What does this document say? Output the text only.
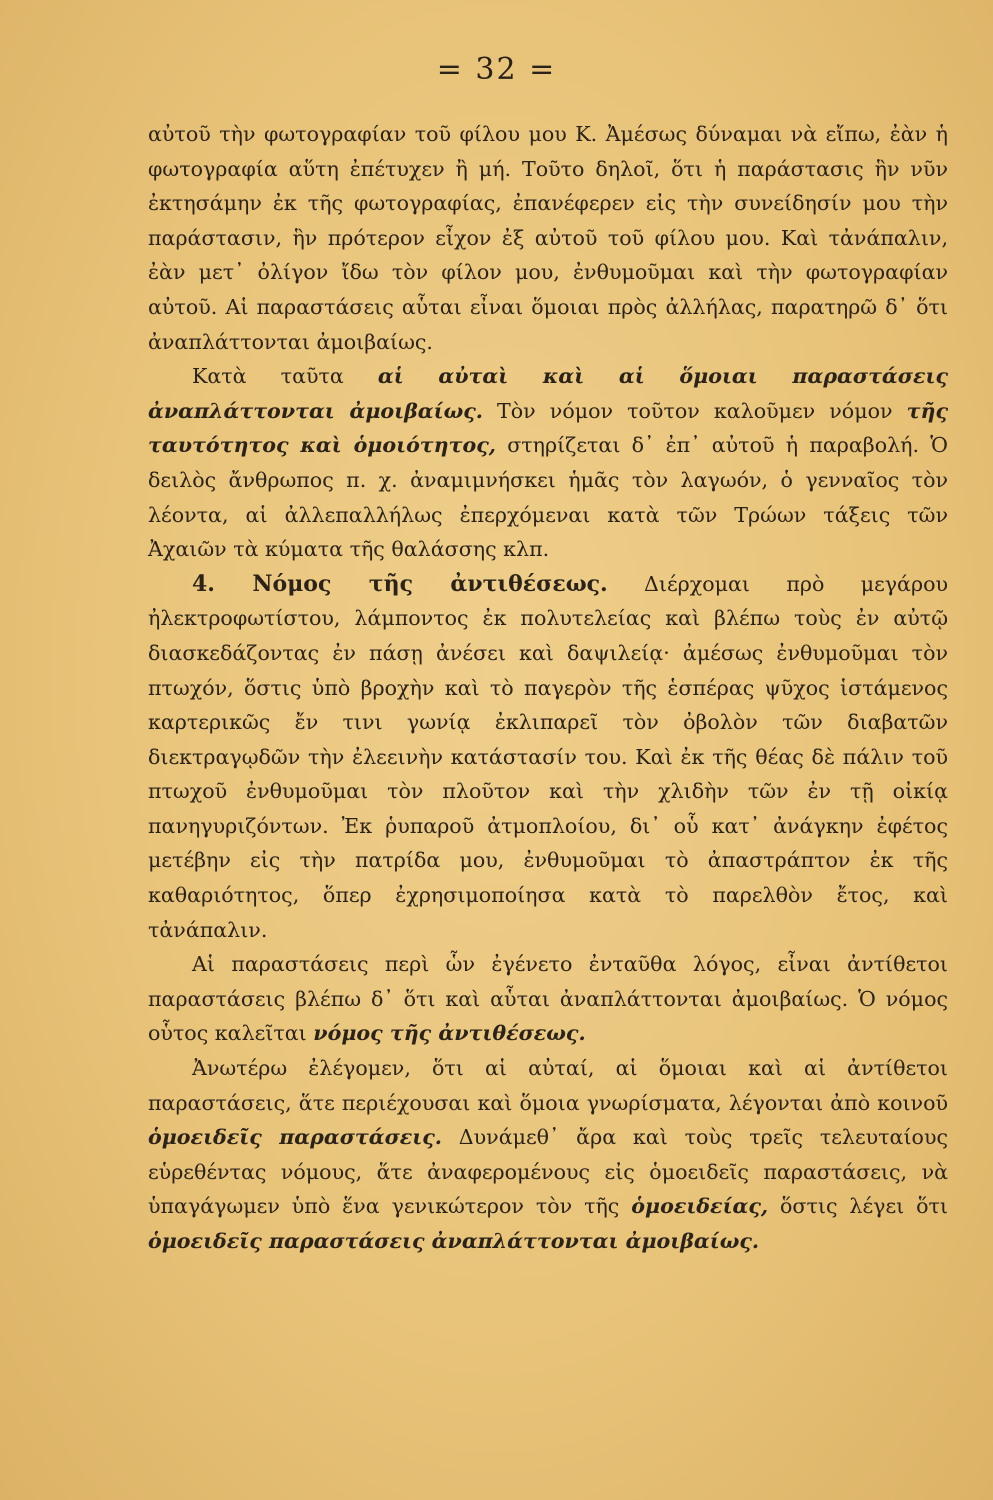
= 32 =

αὐτοῦ τὴν φωτογραφίαν τοῦ φίλου μου Κ. Ἀμέσως δύναμαι νὰ εἴπω, ἐὰν ἡ φωτογραφία αὕτη ἐπέτυχεν ἢ μή. Τοῦτο δηλοῖ, ὅτι ἡ παράστασις ἣν νῦν ἐκτησάμην ἐκ τῆς φωτογραφίας, ἐπανέφερεν εἰς τὴν συνείδησίν μου τὴν παράστασιν, ἣν πρότερον εἶχον ἐξ αὐτοῦ τοῦ φίλου μου. Καὶ τἀνάπαλιν, ἐὰν μετ᾿ ὀλίγον ἴδω τὸν φίλον μου, ἐνθυμοῦμαι καὶ τὴν φωτογραφίαν αὐτοῦ. Αἱ παραστάσεις αὗται εἶναι ὅμοιαι πρὸς ἀλλήλας, παρατηρῶ δ᾿ ὅτι ἀναπλάττονται ἀμοιβαίως.

Κατὰ ταῦτα αἱ αὐταὶ καὶ αἱ ὅμοιαι παραστάσεις ἀναπλάττονται ἀμοιβαίως. Τὸν νόμον τοῦτον καλοῦμεν νόμον τῆς ταυτότητος καὶ ὁμοιότητος, στηρίζεται δ᾿ ἐπ᾿ αὐτοῦ ἡ παραβολή. Ὁ δειλὸς ἄνθρωπος π. χ. ἀναμιμνήσκει ἡμᾶς τὸν λαγωόν, ὁ γενναῖος τὸν λέοντα, αἱ ἀλλεπαλλήλως ἐπερχόμεναι κατὰ τῶν Τρώων τάξεις τῶν Ἀχαιῶν τὰ κύματα τῆς θαλάσσης κλπ.

4. Νόμος τῆς ἀντιθέσεως. Διέρχομαι πρὸ μεγάρου ἠλεκτροφωτίστου, λάμποντος ἐκ πολυτελείας καὶ βλέπω τοὺς ἐν αὐτῷ διασκεδάζοντας ἐν πάσῃ ἀνέσει καὶ δαψιλείᾳ· ἀμέσως ἐνθυμοῦμαι τὸν πτωχόν, ὅστις ὑπὸ βροχὴν καὶ τὸ παγερὸν τῆς ἑσπέρας ψῦχος ἱστάμενος καρτερικῶς ἔν τινι γωνίᾳ ἐκλιπαρεῖ τὸν ὀβολὸν τῶν διαβατῶν διεκτραγῳδῶν τὴν ἐλεεινὴν κατάστασίν του. Καὶ ἐκ τῆς θέας δὲ πάλιν τοῦ πτωχοῦ ἐνθυμοῦμαι τὸν πλοῦτον καὶ τὴν χλιδὴν τῶν ἐν τῇ οἰκίᾳ πανηγυριζόντων. Ἐκ ῥυπαροῦ ἀτμοπλοίου, δι᾿ οὗ κατ᾿ ἀνάγκην ἐφέτος μετέβην εἰς τὴν πατρίδα μου, ἐνθυμοῦμαι τὸ ἀπαστράπτον ἐκ τῆς καθαριότητος, ὅπερ ἐχρησιμοποίησα κατὰ τὸ παρελθὸν ἔτος, καὶ τἀνάπαλιν.

Αἱ παραστάσεις περὶ ὧν ἐγένετο ἐνταῦθα λόγος, εἶναι ἀντίθετοι παραστάσεις βλέπω δ᾿ ὅτι καὶ αὗται ἀναπλάττονται ἀμοιβαίως. Ὁ νόμος οὗτος καλεῖται νόμος τῆς ἀντιθέσεως.

Ἀνωτέρω ἐλέγομεν, ὅτι αἱ αὐταί, αἱ ὅμοιαι καὶ αἱ ἀντίθετοι παραστάσεις, ἅτε περιέχουσαι καὶ ὅμοια γνωρίσματα, λέγονται ἀπὸ κοινοῦ ὁμοειδεῖς παραστάσεις. Δυνάμεθ᾿ ἄρα καὶ τοὺς τρεῖς τελευταίους εὑρεθέντας νόμους, ἅτε ἀναφερομένους εἰς ὁμοειδεῖς παραστάσεις, νὰ ὑπαγάγωμεν ὑπὸ ἕνα γενικώτερον τὸν τῆς ὁμοειδείας, ὅστις λέγει ὅτι ὁμοειδεῖς παραστάσεις ἀναπλάττονται ἀμοιβαίως.
